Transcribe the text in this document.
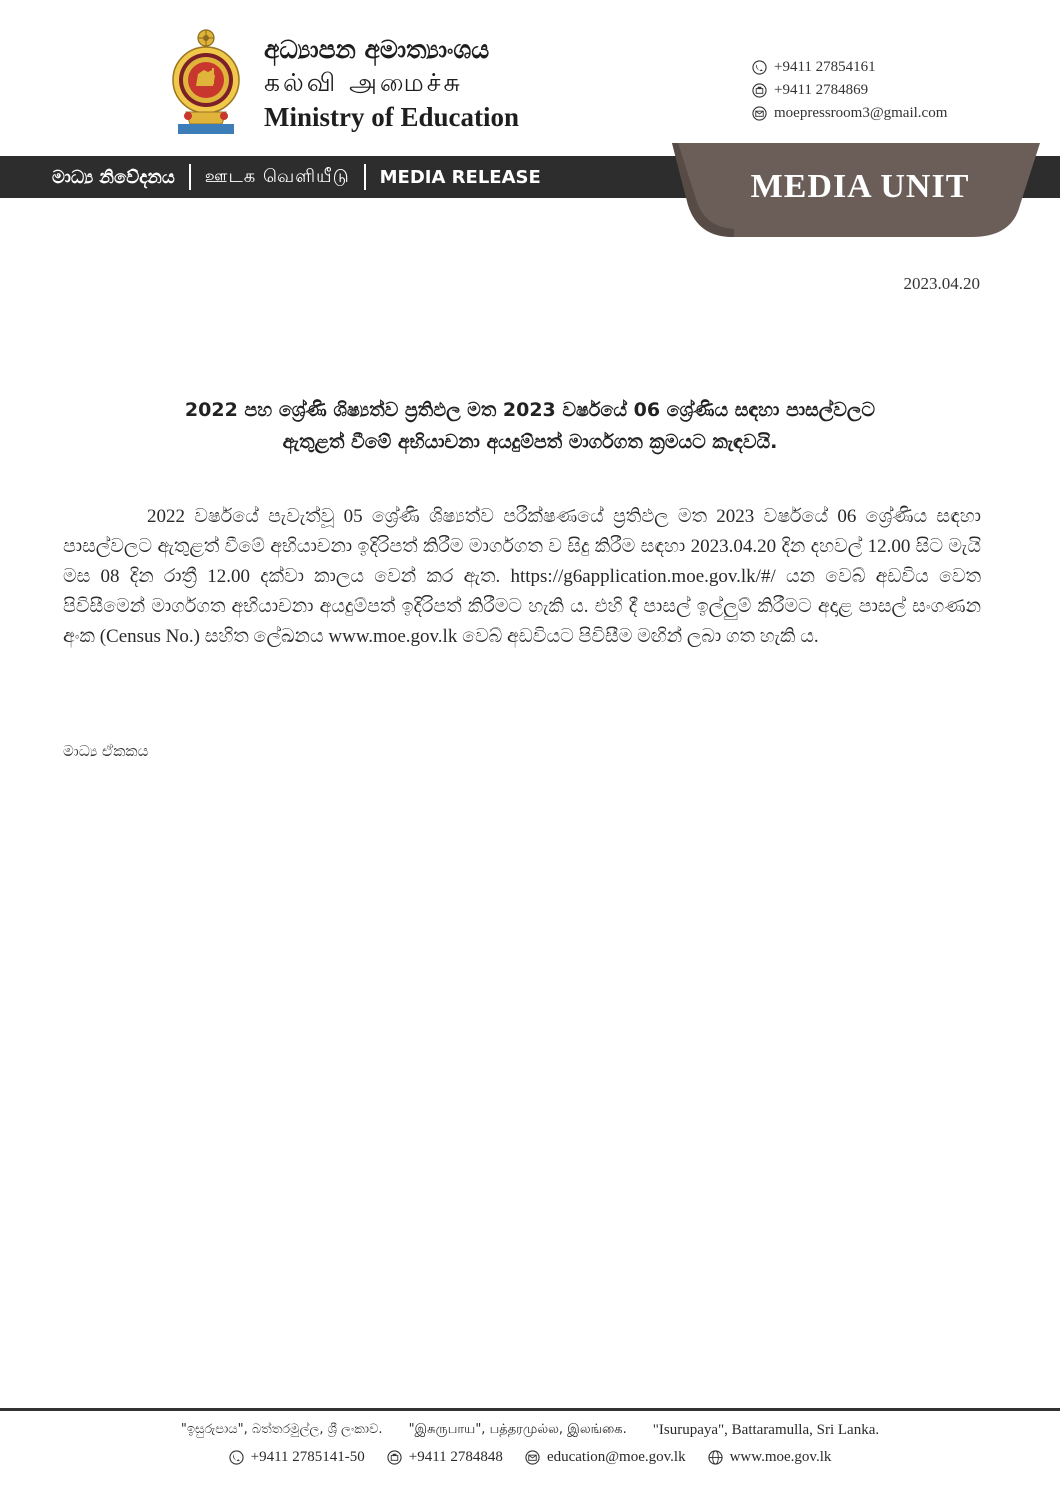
අධ්‍යාපන අමාත්‍යාංශය
கல்வி அமைச்சு
Ministry of Education
+9411 27854161
+9411 2784869
moepressroom3@gmail.com
මාධ්‍ය නිවේදනය ஊடக வெளியீடு MEDIA RELEASE	MEDIA UNIT
2023.04.20
2022 පහ ශ්‍රේණි ශිෂ්‍යත්ව ප්‍රතිඵල මත 2023 වර්ෂයේ 06 ශ්‍රේණිය සඳහා පාසල්වලට
ඇතුළත් වීමේ අභියාචනා අයදුම්පත් මාර්ගගත ක්‍රමයට කැඳවයි.
2022 වර්ෂයේ පැවැත්වූ 05 ශ්‍රේණි ශිෂ්‍යත්ව පරීක්ෂණයේ ප්‍රතිඵල මත 2023 වර්ෂයේ 06 ශ්‍රේණිය සඳහා පාසල්වලට ඇතුළත් වීමේ අභියාචනා ඉදිරිපත් කිරීම මාර්ගගත ව සිදු කිරීම සඳහා 2023.04.20 දින දහවල් 12.00 සිට මැයි මස 08 දින රාත්‍රී 12.00 දක්වා කාලය වෙන් කර ඇත. https://g6application.moe.gov.lk/#/ යන වෙබ් අඩවිය වෙත පිවිසීමෙන් මාර්ගගත අභියාචනා අයදුම්පත් ඉදිරිපත් කිරීමට හැකි ය. එහි දී පාසල් ඉල්ලුම් කිරීමට අදාළ පාසල් සංගණන අංක (Census No.) සහිත ලේඛනය www.moe.gov.lk වෙබ් අඩවියට පිවිසීම මඟින් ලබා ගත හැකි ය.
මාධ්‍ය ඒකකය
"ඉසුරුපාය", බත්තරමුල්ල, ශ්‍රී ලංකාව. "இசுருபாய", பத்தரமுல்ல, இலங்கை. "Isurupaya", Battaramulla, Sri Lanka.
+9411 2785141-50	+9411 2784848	education@moe.gov.lk	www.moe.gov.lk
